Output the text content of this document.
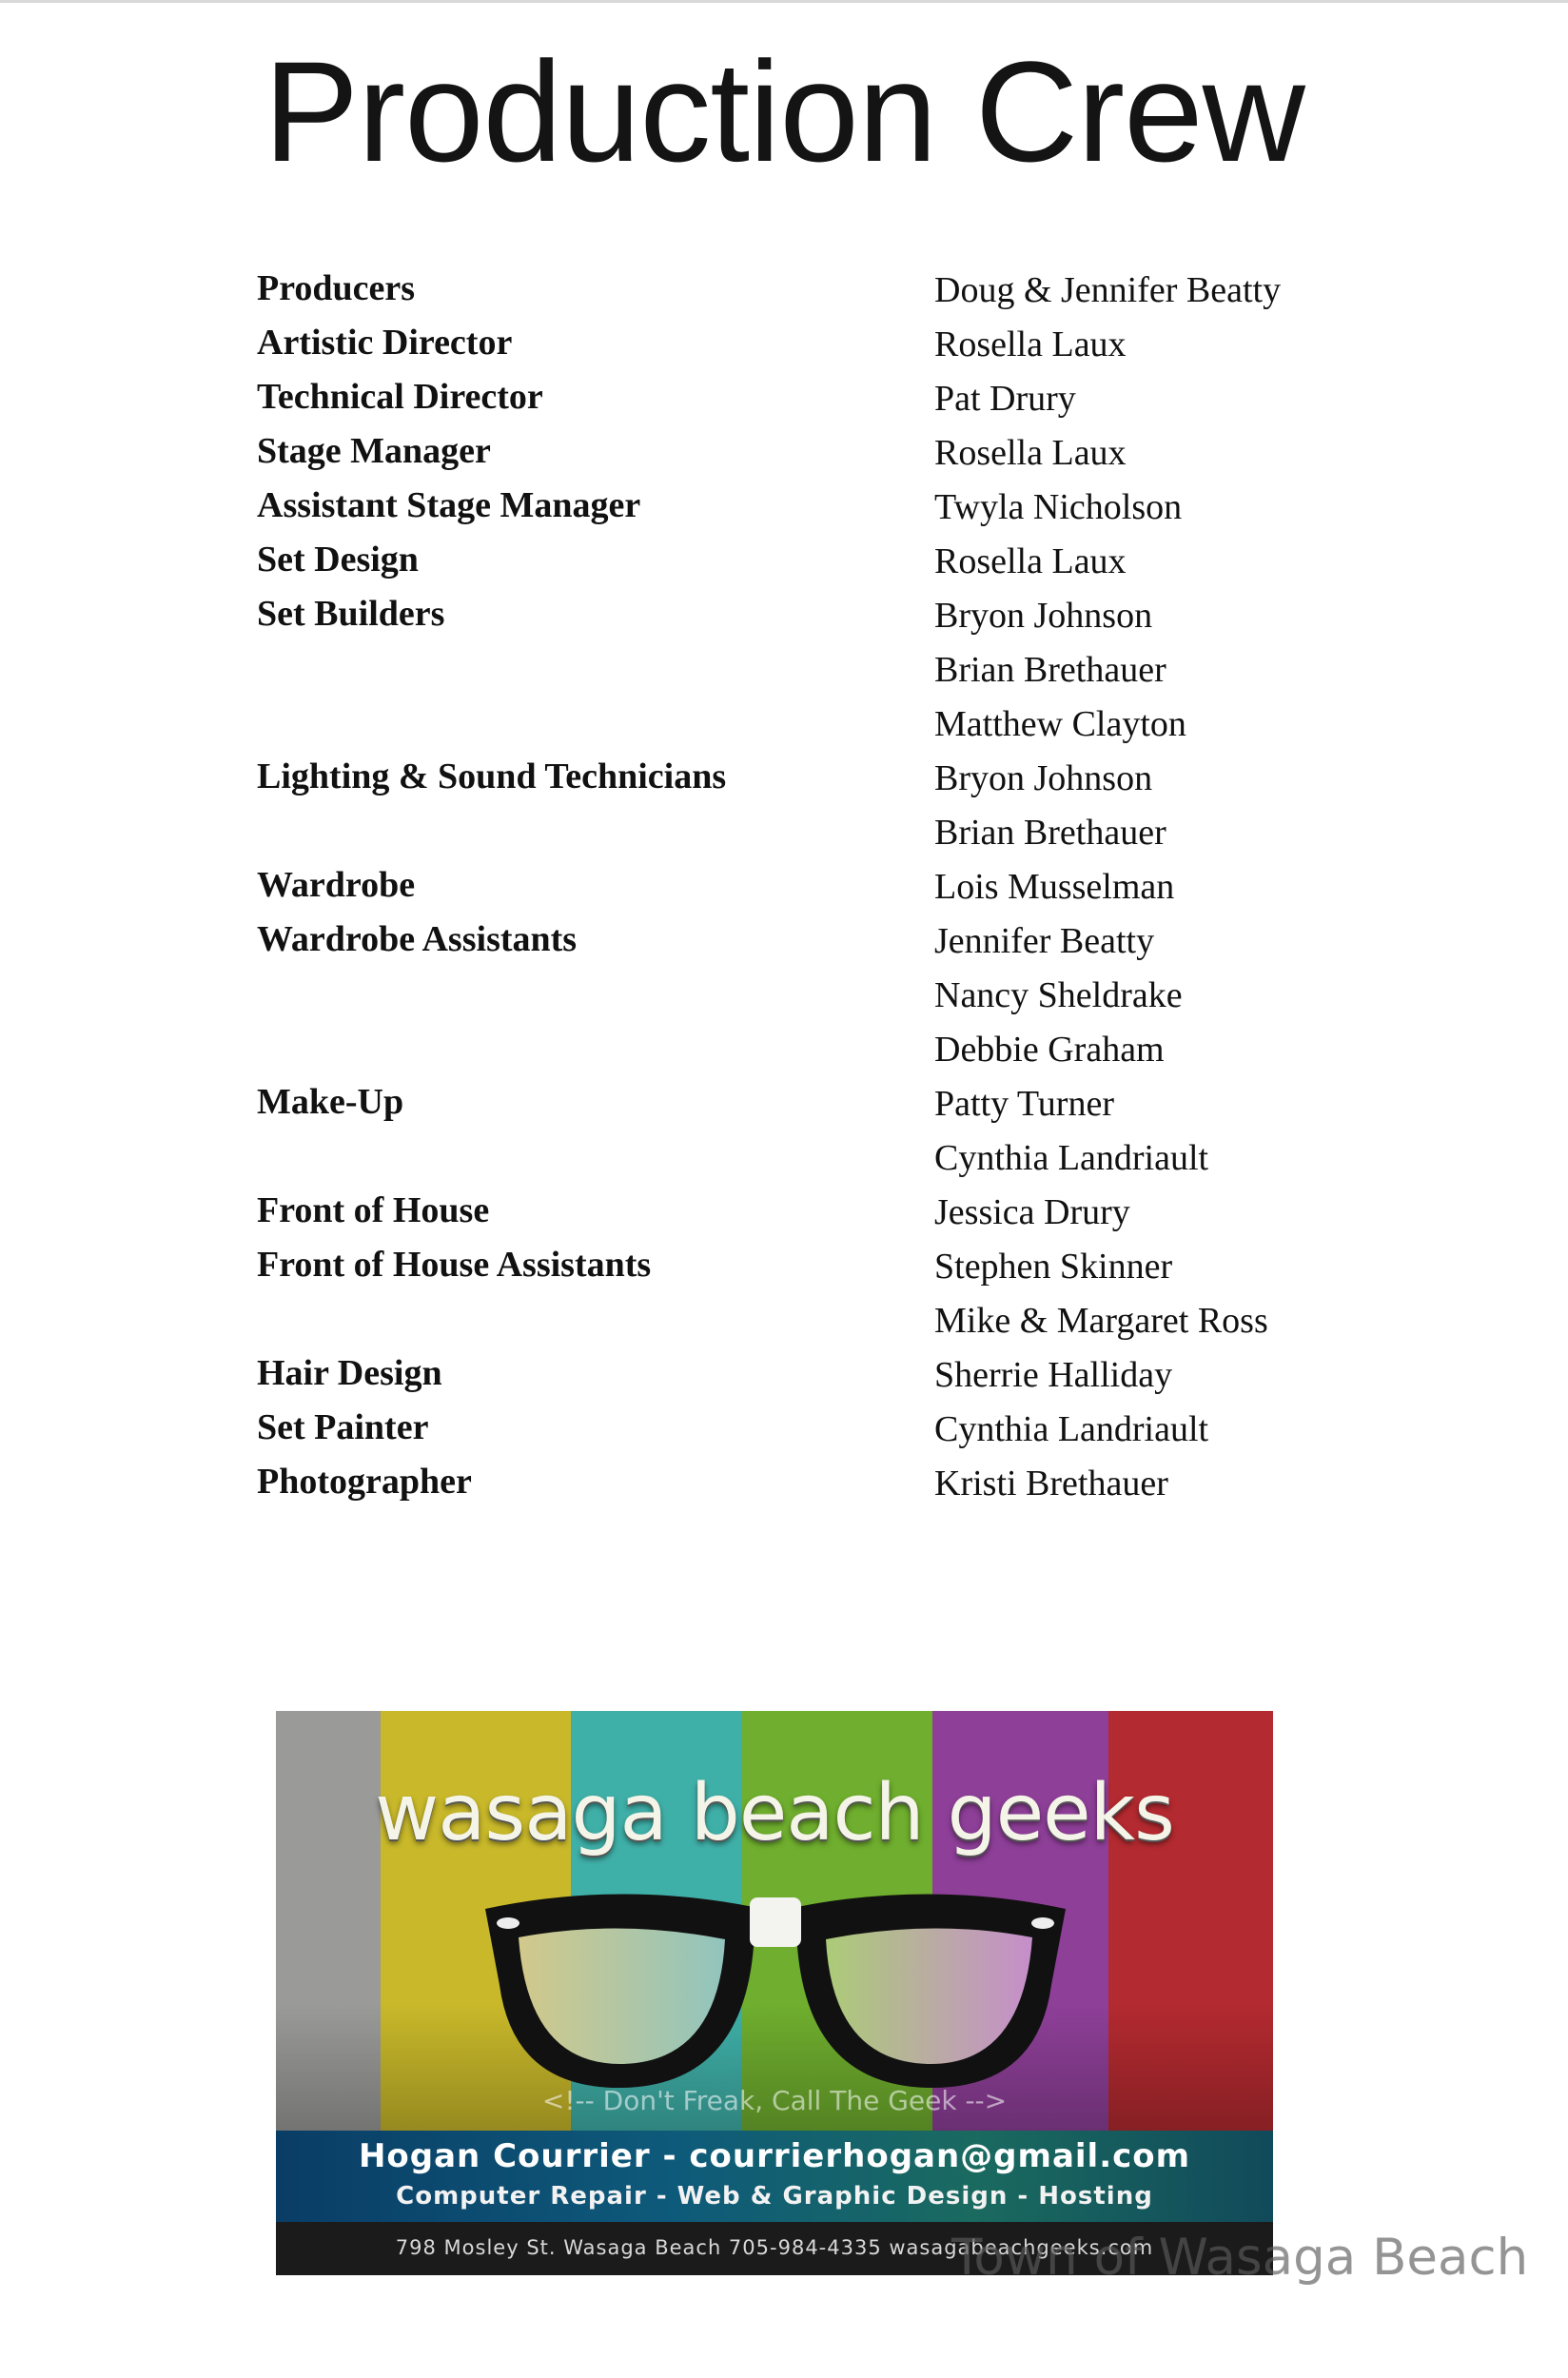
Production Crew
Producers	Doug & Jennifer Beatty
Artistic Director	Rosella Laux
Technical Director	Pat Drury
Stage Manager	Rosella Laux
Assistant Stage Manager	Twyla Nicholson
Set Design	Rosella Laux
Set Builders	Bryon Johnson
Brian Brethauer
Matthew Clayton
Lighting & Sound Technicians	Bryon Johnson
Brian Brethauer
Wardrobe	Lois Musselman
Wardrobe Assistants	Jennifer Beatty
Nancy Sheldrake
Debbie Graham
Make-Up	Patty Turner
Cynthia Landriault
Front of House	Jessica Drury
Front of House Assistants	Stephen Skinner
Mike & Margaret Ross
Hair Design	Sherrie Halliday
Set Painter	Cynthia Landriault
Photographer	Kristi Brethauer
wasaga beach geeks
<!-- Don't Freak, Call The Geek -->
Hogan Courrier - courrierhogan@gmail.com
Computer Repair - Web & Graphic Design - Hosting
798 Mosley St. Wasaga Beach 705-984-4335 wasagabeachgeeks.com
Town of Wasaga Beach
